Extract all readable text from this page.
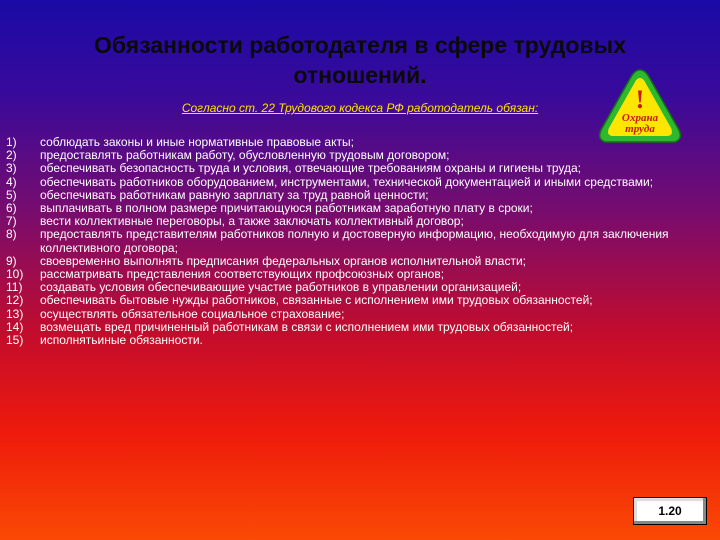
Обязанности работодателя в сфере трудовых отношений.
Согласно ст. 22 Трудового кодекса РФ работодатель обязан:	!
Охрана
труда
1)	соблюдать законы и иные нормативные правовые акты;
2)	предоставлять работникам работу, обусловленную трудовым договором;
3)	обеспечивать безопасность труда и условия, отвечающие требованиям охраны и гигиены труда;
4)	обеспечивать работников оборудованием, инструментами, технической документацией и иными средствами;
5)	обеспечивать работникам равную зарплату за труд равной ценности;
6)	выплачивать в полном размере причитающуюся работникам заработную плату в сроки;
7)	вести коллективные переговоры, а также заключать коллективный договор;
8)	предоставлять представителям работников полную и достоверную информацию, необходимую для заключения коллективного договора;
9)	своевременно выполнять предписания федеральных органов исполнительной власти;
10)	рассматривать представления соответствующих профсоюзных органов;
11)	создавать условия обеспечивающие участие работников в управлении организацией;
12)	обеспечивать бытовые нужды работников, связанные с исполнением ими трудовых обязанностей;
13)	осуществлять обязательное социальное страхование;
14)	возмещать вред причиненный работникам в связи с исполнением ими трудовых обязанностей;
15)	исполнятьиные обязанности.
1.20
